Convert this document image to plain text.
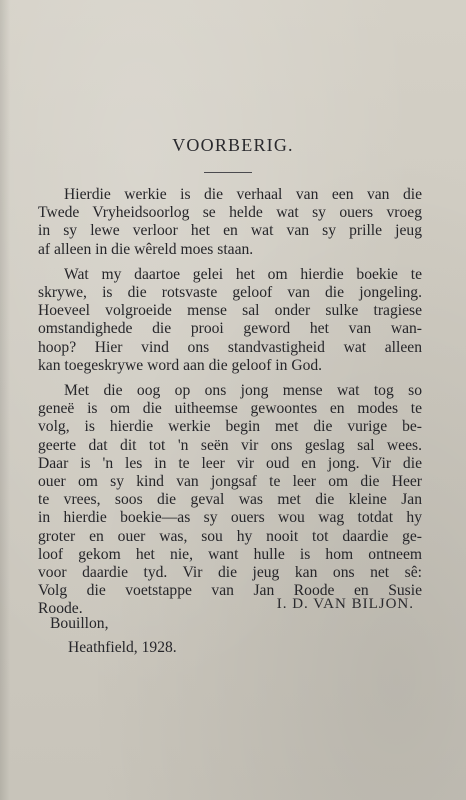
VOORBERIG.
Hierdie werkie is die verhaal van een van die
Twede Vryheidsoorlog se helde wat sy ouers vroeg
in sy lewe verloor het en wat van sy prille jeug
af alleen in die wêreld moes staan.
Wat my daartoe gelei het om hierdie boekie te
skrywe, is die rotsvaste geloof van die jongeling.
Hoeveel volgroeide mense sal onder sulke tragiese
omstandighede die prooi geword het van wan-
hoop? Hier vind ons standvastigheid wat alleen
kan toegeskrywe word aan die geloof in God.
Met die oog op ons jong mense wat tog so
geneë is om die uitheemse gewoontes en modes te
volg, is hierdie werkie begin met die vurige be-
geerte dat dit tot 'n seën vir ons geslag sal wees.
Daar is 'n les in te leer vir oud en jong. Vir die
ouer om sy kind van jongsaf te leer om die Heer
te vrees, soos die geval was met die kleine Jan
in hierdie boekie—as sy ouers wou wag totdat hy
groter en ouer was, sou hy nooit tot daardie ge-
loof gekom het nie, want hulle is hom ontneem
voor daardie tyd. Vir die jeug kan ons net sê:
Volg die voetstappe van Jan Roode en Susie
Roode.	I. D. VAN BILJON.
Bouillon,
Heathfield, 1928.
